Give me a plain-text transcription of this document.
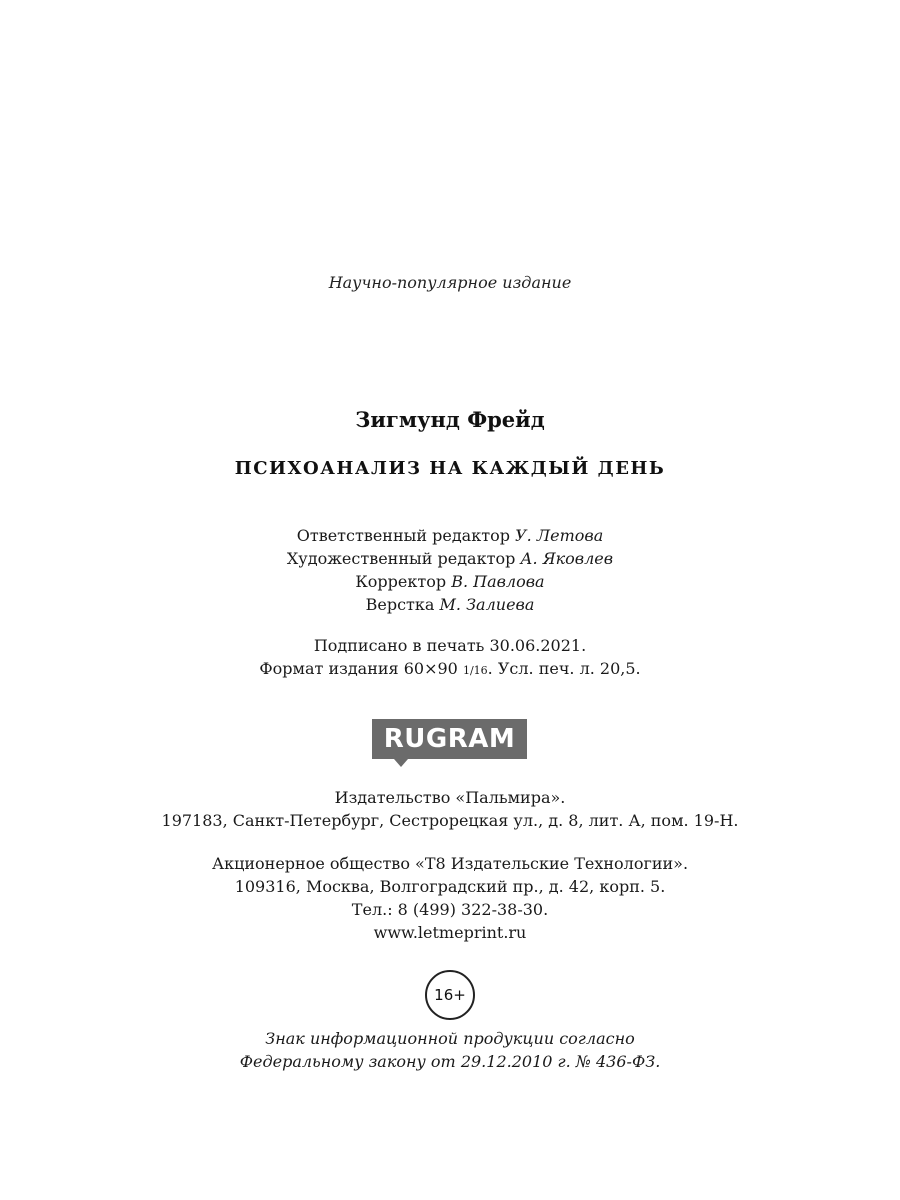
Научно-популярное издание
Зигмунд Фрейд
ПСИХОАНАЛИЗ НА КАЖДЫЙ ДЕНЬ
Ответственный редактор У. Летова
Художественный редактор А. Яковлев
Корректор В. Павлова
Верстка М. Залиева
Подписано в печать 30.06.2021.
Формат издания 60×90 1/16. Усл. печ. л. 20,5.
RUGRAM
Издательство «Пальмира».
197183, Санкт-Петербург, Сестрорецкая ул., д. 8, лит. А, пом. 19-Н.
Акционерное общество «Т8 Издательские Технологии».
109316, Москва, Волгоградский пр., д. 42, корп. 5.
Тел.: 8 (499) 322-38-30.
www.letmeprint.ru
16+
Знак информационной продукции согласно
Федеральному закону от 29.12.2010 г. № 436-ФЗ.
